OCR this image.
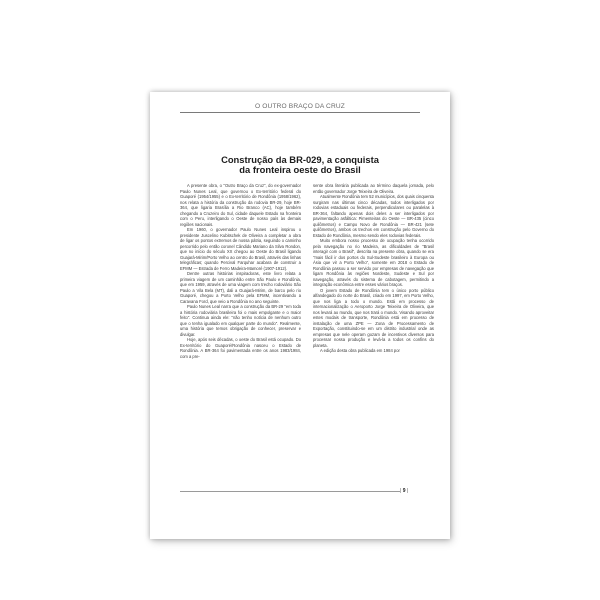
O OUTRO BRAÇO DA CRUZ
Construção da BR-029, a conquista
da fronteira oeste do Brasil

A presente obra, o "Outro Braço da Cruz", do ex-governador Paulo Nunes Leal, que governou o Ex-território federal do Guaporé (1954/1955) e o Ex-território de Rondônia (1958/1962), nos relata a história da construção da rodovia BR-29, hoje BR-364, que ligaria Brasília a Rio Branco (AC), hoje também chegando a Cruzeiro do Sul, cidade daquele Estado na fronteira com o Peru, interligando o Oeste de nosso país às demais regiões nacionais.

Em 1960, o governador Paulo Nunes Leal inspirou o presidente Juscelino Kubitschek de Oliveira a completar a obra de ligar os pontos extremos de nossa pátria, seguindo o caminho percorrido pelo então coronel Cândido Mariano da Silva Rondon, que no início do século XX chegou ao Oeste do Brasil ligando Guajará-Mirim/Porto Velho ao centro do Brasil, através das linhas telegráficas; quando Percival Farquhar acabara de construir a EFMM — Estrada de Ferro Madeira-Mamoré (1907-1912).

Dentre outras histórias inspiradoras, este livro relata a primeira viagem de um caminhão entre São Paulo e Rondônia, que em 1959, através de uma viagem com trecho rodoviário São Paulo a Vila Bela (MT), dali a Guajará-Mirim, de barco pelo rio Guaporé, chegou a Porto Velho pela EFMM, incentivando a Caravana Ford, que veio a Rondônia no ano seguinte.

Paulo Nunes Leal narra que a construção da BR-29 "em toda a história rodoviária brasileira foi o mais empolgante e o maior feito". Continua ainda ele: "não tenho notícia de nenhum outro que o tenha igualado em qualquer parte do mundo". Realmente, uma história que temos obrigação de conhecer, preservar e divulgar.

Hoje, após seis décadas, o oeste do Brasil está ocupado. Do Ex-território do Guaporé/Rondônia nasceu o Estado de Rondônia. A BR-364 foi pavimentada entre os anos 1983/1984, com a pre-

sente obra literária publicada ao término daquela jornada, pelo então governador Jorge Teixeira de Oliveira.

Atualmente Rondônia tem 52 municípios, dos quais cinquenta surgiram nas últimas cinco décadas, todos interligados por rodovias estaduais ou federais, perpendiculares ou paralelas à BR-364, faltando apenas dois deles a ser interligados por pavimentação asfáltica: Pimenteiras do Oeste — BR-435 (cinco quilômetros) e Campo Novo de Rondônia — BR-421 (sete quilômetros), ambos os trechos em construção pelo Governo do Estado de Rondônia, mesmo sendo eles rodovias federais.

Muito embora nosso processo de ocupação tenha ocorrido pela navegação no rio Madeira, as dificuldades de "Brasil interagir com o Brasil", descrita na presente obra, quando se era "mais fácil ir dos portos do Sul-Sudeste brasileiro à Europa ou Ásia que vir a Porto Velho", somente em 2018 o Estado de Rondônia passou a ser servido por empresas de navegação que ligam Rondônia às regiões Nordeste, Sudeste e Sul por navegação, através do sistema de cabotagem, permitindo a integração econômica entre esses vários braços.

O jovem Estado de Rondônia tem o único porto público alfandegado do norte do Brasil, criado em 1997, em Porto Velho, que nos liga a todo o mundo. Está em processo de internacionalização o Aeroporto Jorge Teixeira de Oliveira, que nos levará ao mundo, que nos trará o mundo. Visando aproveitar estes modais de transporte, Rondônia está em processo de instalação de uma ZPE — Zona de Processamento de Exportação, constituindo-se em um distrito industrial onde as empresas que nele operam gozam de incentivos diversos para processar nossa produção e levá-la a todos os confins do planeta.

A edição desta obra publicada em 1984 por

| 9 |
